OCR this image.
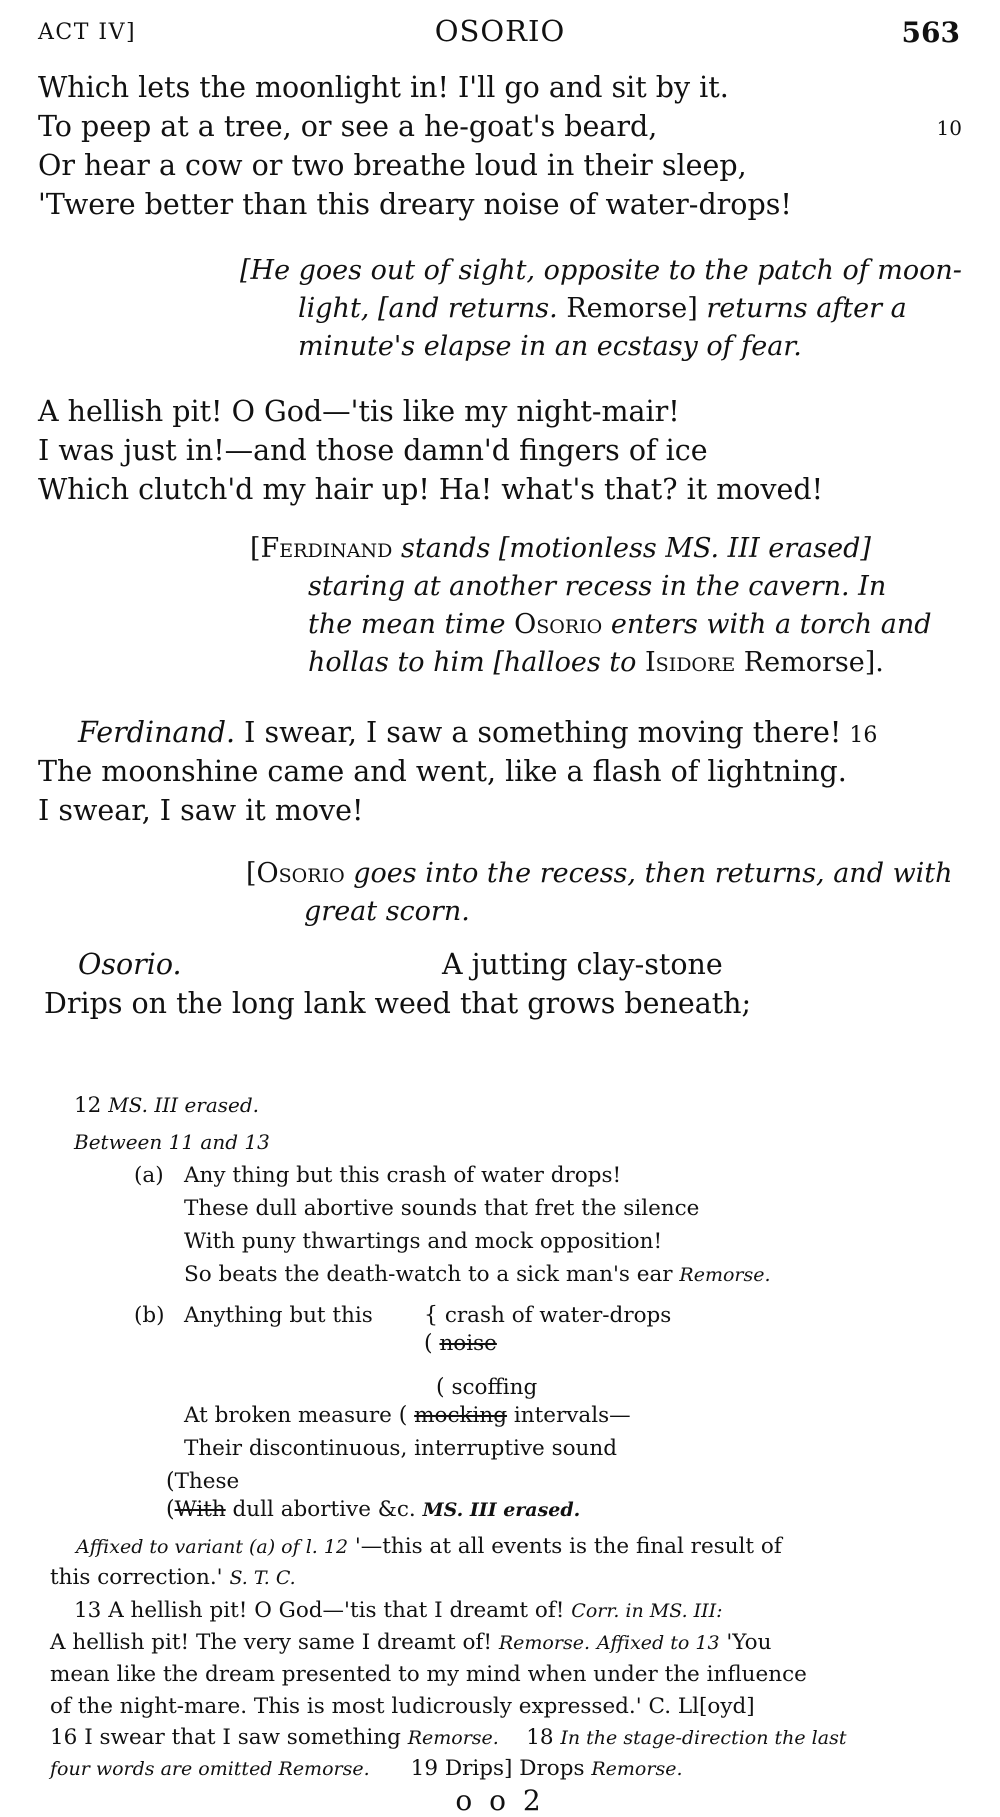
ACT IV]	OSORIO	563
Which lets the moonlight in! I'll go and sit by it.
To peep at a tree, or see a he-goat's beard,	10
Or hear a cow or two breathe loud in their sleep,
'Twere better than this dreary noise of water-drops!
[He goes out of sight, opposite to the patch of moon-
light, [and returns. Remorse] returns after a
minute's elapse in an ecstasy of fear.
A hellish pit! O God—'tis like my night-mair!
I was just in!—and those damn'd fingers of ice
Which clutch'd my hair up! Ha! what's that? it moved!
[Ferdinand stands [motionless MS. III erased]
staring at another recess in the cavern. In
the mean time Osorio enters with a torch and
hollas to him [halloes to Isidore Remorse].
Ferdinand. I swear, I saw a something moving there! 16
The moonshine came and went, like a flash of lightning.
I swear, I saw it move!
[Osorio goes into the recess, then returns, and with
great scorn.
Osorio.	A jutting clay-stone
Drips on the long lank weed that grows beneath;
12 MS. III erased.
Between 11 and 13
(a) Any thing but this crash of water drops!
These dull abortive sounds that fret the silence
With puny thwartings and mock opposition!
So beats the death-watch to a sick man's ear Remorse.
(b) Anything but this { crash of water-drops
( noise
( scoffing
At broken measure ( mocking intervals—
Their discontinuous, interruptive sound
(These
(With dull abortive &c. MS. III erased.
Affixed to variant (a) of l. 12 '—this at all events is the final result of
this correction.' S. T. C.
13 A hellish pit! O God—'tis that I dreamt of! Corr. in MS. III:
A hellish pit! The very same I dreamt of! Remorse. Affixed to 13 'You
mean like the dream presented to my mind when under the influence
of the night-mare. This is most ludicrously expressed.' C. Ll[oyd]
16 I swear that I saw something Remorse. 18 In the stage-direction the last
four words are omitted Remorse. 19 Drips] Drops Remorse.
o o 2
